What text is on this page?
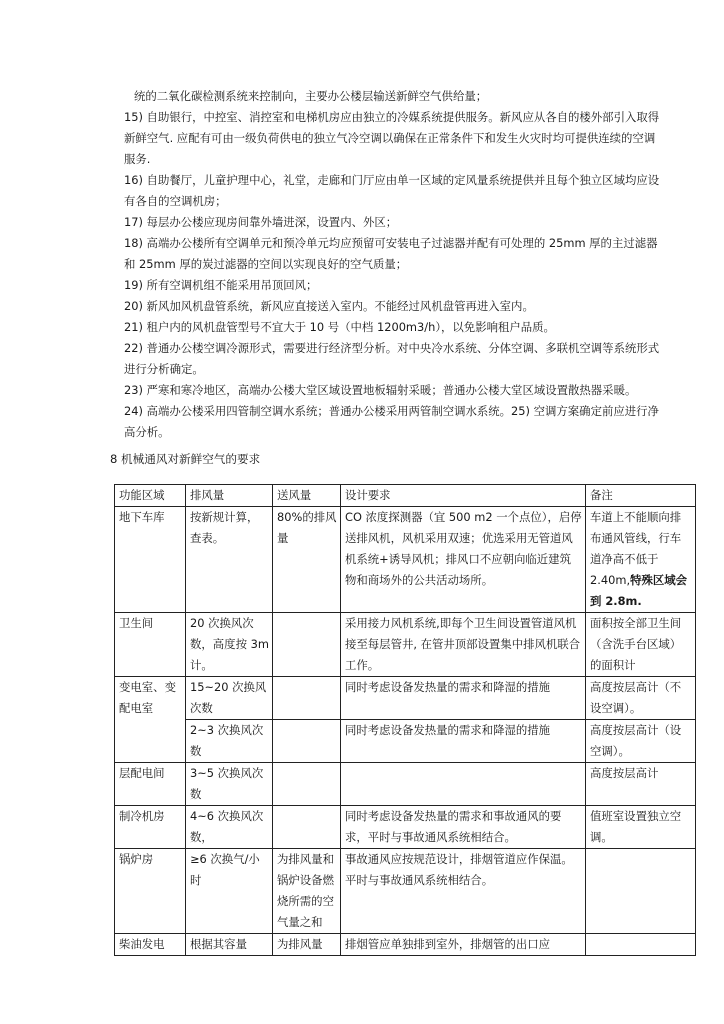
统的二氧化碳检测系统来控制向，主要办公楼层输送新鲜空气供给量；

15) 自助银行，中控室、消控室和电梯机房应由独立的冷媒系统提供服务。新风应从各自的楼外部引入取得新鲜空气. 应配有可由一级负荷供电的独立气冷空调以确保在正常条件下和发生火灾时均可提供连续的空调服务.

16) 自助餐厅，儿童护理中心，礼堂，走廊和门厅应由单一区域的定风量系统提供并且每个独立区域均应设有各自的空调机房；

17) 每层办公楼应现房间靠外墙进深，设置内、外区；

18) 高端办公楼所有空调单元和预冷单元均应预留可安装电子过滤器并配有可处理的 25mm 厚的主过滤器和 25mm 厚的炭过滤器的空间以实现良好的空气质量；

19) 所有空调机组不能采用吊顶回风；

20) 新风加风机盘管系统，新风应直接送入室内。不能经过风机盘管再进入室内。

21) 租户内的风机盘管型号不宜大于 10 号（中档 1200m3/h），以免影响租户品质。

22) 普通办公楼空调冷源形式，需要进行经济型分析。对中央冷水系统、分体空调、多联机空调等系统形式进行分析确定。

23) 严寒和寒冷地区，高端办公楼大堂区域设置地板辐射采暖；普通办公楼大堂区域设置散热器采暖。

24) 高端办公楼采用四管制空调水系统；普通办公楼采用两管制空调水系统。25) 空调方案确定前应进行净高分析。

8 机械通风对新鲜空气的要求

功能区域	排风量	送风量	设计要求	备注
地下车库	按新规计算，查表。	80%的排风量	CO 浓度探测器（宜 500 m2 一个点位），启停送排风机，风机采用双速；优选采用无管道风机系统+诱导风机；排风口不应朝向临近建筑物和商场外的公共活动场所。	车道上不能顺向排布通风管线，行车道净高不低于 2.40m,特殊区域会到 2.8m.
卫生间	20 次换风次数，高度按 3m 计。		采用接力风机系统,即每个卫生间设置管道风机接至每层管井, 在管井顶部设置集中排风机联合工作。	面积按全部卫生间（含洗手台区域）的面积计
变电室、变配电室	15~20 次换风次数		同时考虑设备发热量的需求和降湿的措施	高度按层高计（不设空调）。
	2~3 次换风次数		同时考虑设备发热量的需求和降湿的措施	高度按层高计（设空调）。
层配电间	3~5 次换风次数			高度按层高计
制冷机房	4~6 次换风次数，		同时考虑设备发热量的需求和事故通风的要求，平时与事故通风系统相结合。	值班室设置独立空调。
锅炉房	≥6 次换气/小时	为排风量和锅炉设备燃烧所需的空气量之和	事故通风应按规范设计，排烟管道应作保温。平时与事故通风系统相结合。	
柴油发电	根据其容量	为排风量	排烟管应单独排到室外，排烟管的出口应	
